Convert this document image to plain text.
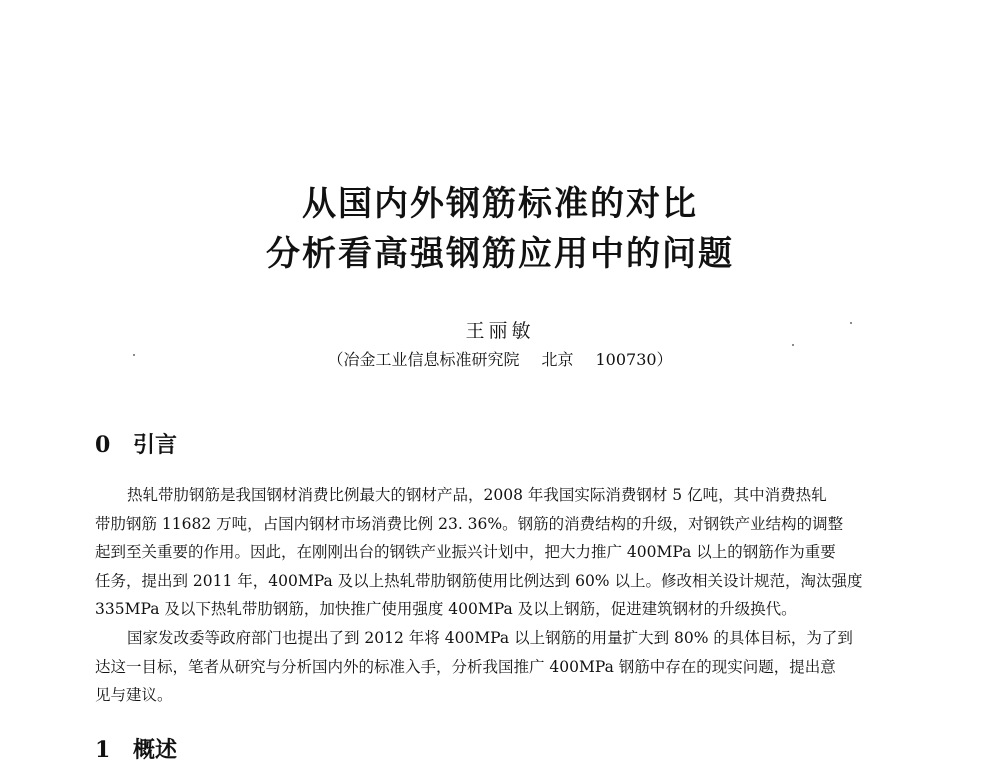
从国内外钢筋标准的对比
分析看高强钢筋应用中的问题
王丽敏
（冶金工业信息标准研究院 北京 100730）
0 引言
热轧带肋钢筋是我国钢材消费比例最大的钢材产品，2008 年我国实际消费钢材 5 亿吨，其中消费热轧
带肋钢筋 11682 万吨，占国内钢材市场消费比例 23. 36%。钢筋的消费结构的升级，对钢铁产业结构的调整
起到至关重要的作用。因此，在刚刚出台的钢铁产业振兴计划中，把大力推广 400MPa 以上的钢筋作为重要
任务，提出到 2011 年，400MPa 及以上热轧带肋钢筋使用比例达到 60% 以上。修改相关设计规范，淘汰强度
335MPa 及以下热轧带肋钢筋，加快推广使用强度 400MPa 及以上钢筋，促进建筑钢材的升级换代。
国家发改委等政府部门也提出了到 2012 年将 400MPa 以上钢筋的用量扩大到 80% 的具体目标，为了到
达这一目标，笔者从研究与分析国内外的标准入手，分析我国推广 400MPa 钢筋中存在的现实问题，提出意
见与建议。
1 概述
